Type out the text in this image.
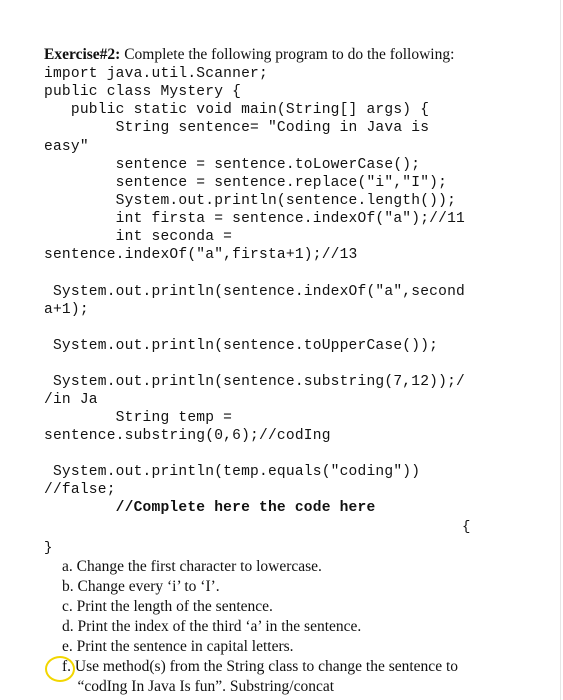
Exercise#2: Complete the following program to do the following:
import java.util.Scanner;
public class Mystery {
public static void main(String[] args) {
String sentence= "Coding in Java is
easy"
sentence = sentence.toLowerCase();
sentence = sentence.replace("i","I");
System.out.println(sentence.length());
int firsta = sentence.indexOf("a");//11
int seconda =
sentence.indexOf("a",firsta+1);//13
System.out.println(sentence.indexOf("a",second
a+1);
System.out.println(sentence.toUpperCase());
System.out.println(sentence.substring(7,12));/
/in Ja
String temp =
sentence.substring(0,6);//codIng
System.out.println(temp.equals("coding"))
//false;
//Complete here the code here
{
}
a. Change the first character to lowercase.
b. Change every ‘i’ to ‘I’.
c. Print the length of the sentence.
d. Print the index of the third ‘a’ in the sentence.
e. Print the sentence in capital letters.
f. Use method(s) from the String class to change the sentence to
“codIng In Java Is fun”. Substring/concat
